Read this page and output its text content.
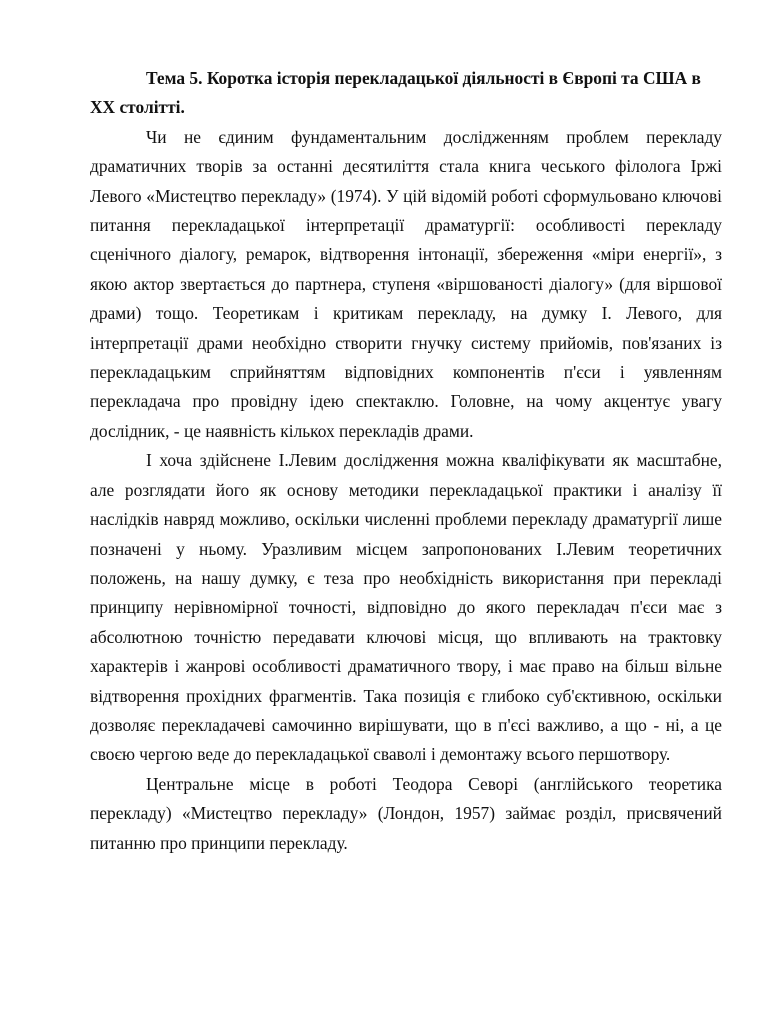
Тема 5. Коротка історія перекладацької діяльності в Європі та США в ХХ столітті.

Чи не єдиним фундаментальним дослідженням проблем перекладу драматичних творів за останні десятиліття стала книга чеського філолога Іржі Левого «Мистецтво перекладу» (1974). У цій відомій роботі сформульовано ключові питання перекладацької інтерпретації драматургії: особливості перекладу сценічного діалогу, ремарок, відтворення інтонації, збереження «міри енергії», з якою актор звертається до партнера, ступеня «віршованості діалогу» (для віршової драми) тощо. Теоретикам і критикам перекладу, на думку І. Левого, для інтерпретації драми необхідно створити гнучку систему прийомів, пов'язаних із перекладацьким сприйняттям відповідних компонентів п'єси і уявленням перекладача про провідну ідею спектаклю. Головне, на чому акцентує увагу дослідник, - це наявність кількох перекладів драми.

І хоча здійснене І.Левим дослідження можна кваліфікувати як масштабне, але розглядати його як основу методики перекладацької практики і аналізу її наслідків навряд можливо, оскільки численні проблеми перекладу драматургії лише позначені у ньому. Уразливим місцем запропонованих І.Левим теоретичних положень, на нашу думку, є теза про необхідність використання при перекладі принципу нерівномірної точності, відповідно до якого перекладач п'єси має з абсолютною точністю передавати ключові місця, що впливають на трактовку характерів і жанрові особливості драматичного твору, і має право на більш вільне відтворення прохідних фрагментів. Така позиція є глибоко суб'єктивною, оскільки дозволяє перекладачеві самочинно вирішувати, що в п'єсі важливо, а що - ні, а це своєю чергою веде до перекладацької сваволі і демонтажу всього першотвору.

Центральне місце в роботі Теодора Севорі (англійського теоретика перекладу) «Мистецтво перекладу» (Лондон, 1957) займає розділ, присвячений питанню про принципи перекладу.
